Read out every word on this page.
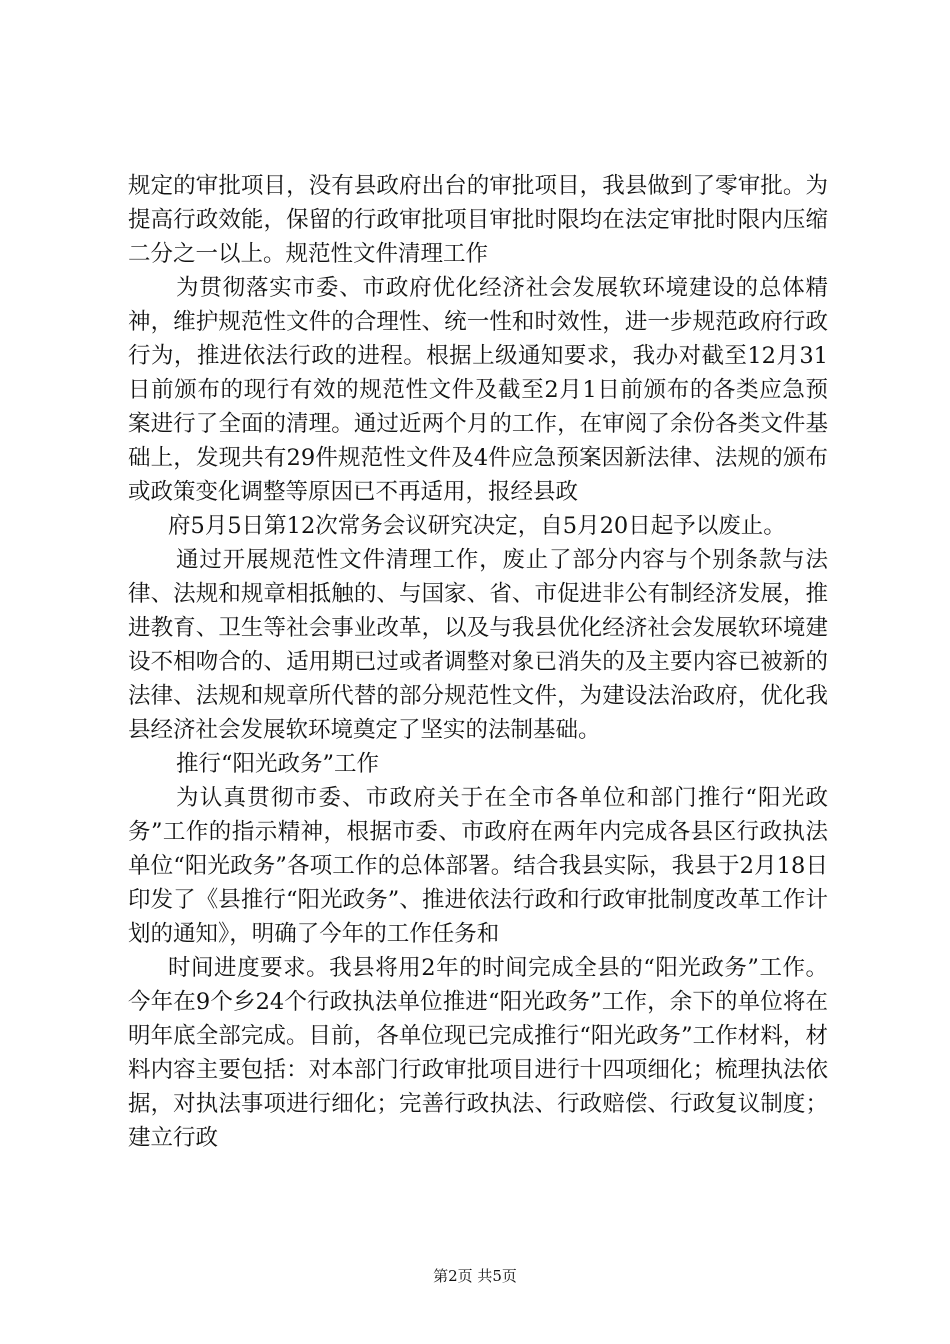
规定的审批项目，没有县政府出台的审批项目，我县做到了零审批。为提高行政效能，保留的行政审批项目审批时限均在法定审批时限内压缩二分之一以上。规范性文件清理工作

为贯彻落实市委、市政府优化经济社会发展软环境建设的总体精神，维护规范性文件的合理性、统一性和时效性，进一步规范政府行政行为，推进依法行政的进程。根据上级通知要求，我办对截至12月31日前颁布的现行有效的规范性文件及截至2月1日前颁布的各类应急预案进行了全面的清理。通过近两个月的工作，在审阅了余份各类文件基础上，发现共有29件规范性文件及4件应急预案因新法律、法规的颁布或政策变化调整等原因已不再适用，报经县政

府5月5日第12次常务会议研究决定，自5月20日起予以废止。

通过开展规范性文件清理工作，废止了部分内容与个别条款与法律、法规和规章相抵触的、与国家、省、市促进非公有制经济发展，推进教育、卫生等社会事业改革，以及与我县优化经济社会发展软环境建设不相吻合的、适用期已过或者调整对象已消失的及主要内容已被新的法律、法规和规章所代替的部分规范性文件，为建设法治政府，优化我县经济社会发展软环境奠定了坚实的法制基础。

推行“阳光政务”工作

为认真贯彻市委、市政府关于在全市各单位和部门推行“阳光政务”工作的指示精神，根据市委、市政府在两年内完成各县区行政执法单位“阳光政务”各项工作的总体部署。结合我县实际，我县于2月18日印发了《县推行“阳光政务”、推进依法行政和行政审批制度改革工作计划的通知》，明确了今年的工作任务和

时间进度要求。我县将用2年的时间完成全县的“阳光政务”工作。今年在9个乡24个行政执法单位推进“阳光政务”工作，余下的单位将在明年底全部完成。目前，各单位现已完成推行“阳光政务”工作材料，材料内容主要包括：对本部门行政审批项目进行十四项细化；梳理执法依据，对执法事项进行细化；完善行政执法、行政赔偿、行政复议制度；建立行政

第2页 共5页
